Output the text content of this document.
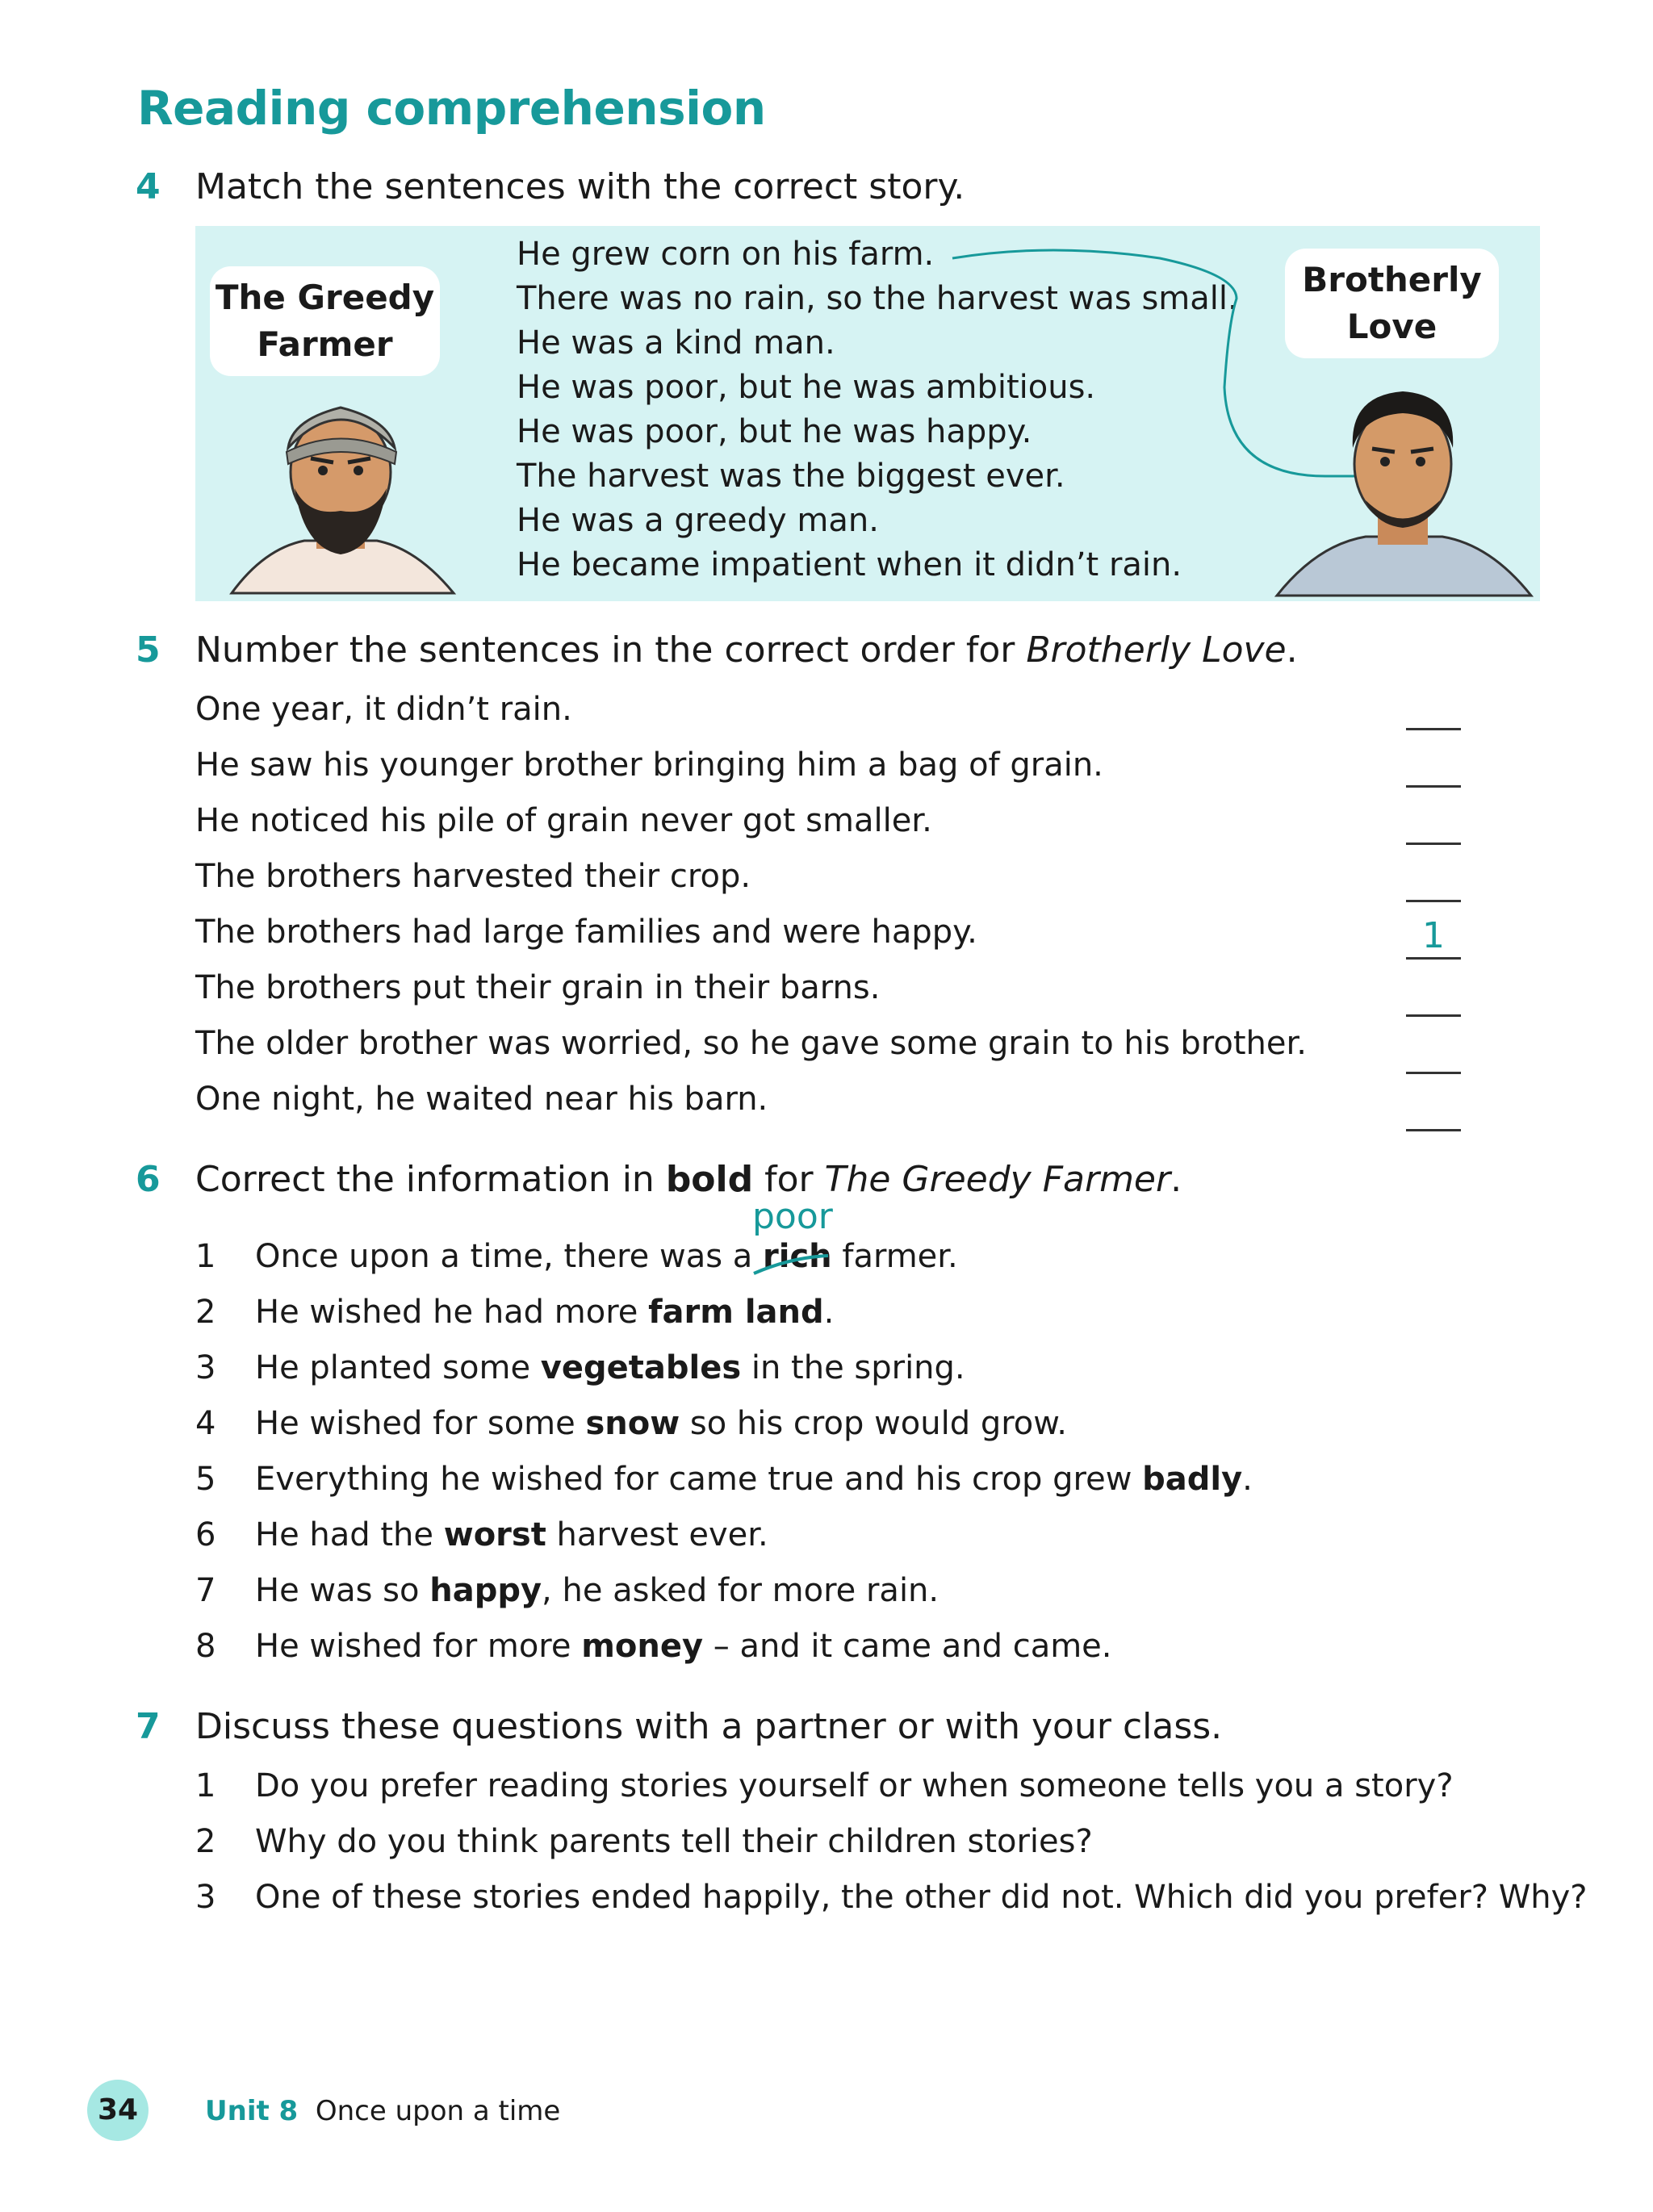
Reading comprehension
4 Match the sentences with the correct story.
The Greedy
Farmer
Brotherly
Love
He grew corn on his farm.
There was no rain, so the harvest was small.
He was a kind man.
He was poor, but he was ambitious.
He was poor, but he was happy.
The harvest was the biggest ever.
He was a greedy man.
He became impatient when it didn’t rain.
5 Number the sentences in the correct order for Brotherly Love.
One year, it didn’t rain.
He saw his younger brother bringing him a bag of grain.
He noticed his pile of grain never got smaller.
The brothers harvested their crop.
The brothers had large families and were happy.
The brothers put their grain in their barns.
The older brother was worried, so he gave some grain to his brother.
One night, he waited near his barn.
1
6 Correct the information in bold for The Greedy Farmer.
poor
1 Once upon a time, there was a rich farmer.
2 He wished he had more farm land.
3 He planted some vegetables in the spring.
4 He wished for some snow so his crop would grow.
5 Everything he wished for came true and his crop grew badly.
6 He had the worst harvest ever.
7 He was so happy, he asked for more rain.
8 He wished for more money – and it came and came.
7 Discuss these questions with a partner or with your class.
1 Do you prefer reading stories yourself or when someone tells you a story?
2 Why do you think parents tell their children stories?
3 One of these stories ended happily, the other did not. Which did you prefer? Why?
34	Unit 8 Once upon a time
